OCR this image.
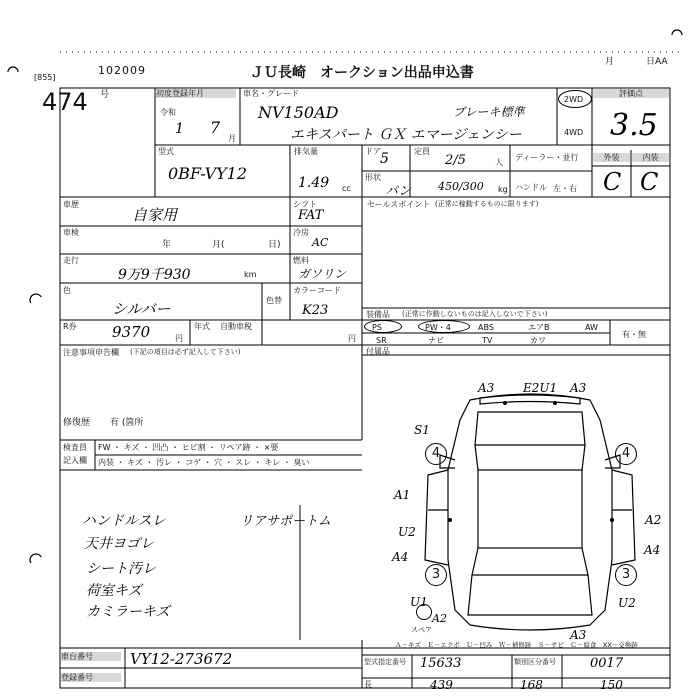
[855]
102009	ＪＵ長崎　オークション出品申込書
月	日AA
474 号	初度登録年月
令和
1 7
月
車名・グレード
NV150AD	ブレーキ標準
エキスパート ＧＸ エマージェンシー
2WD
4WD
評価点
3.5
型式
0BF-VY12
排気量
1.49 cc
ドア 5
形状
バン
定員
2/5	人
450/300 kg
ディーラー・並行
ハンドル 左・右
外装	内装
C C
車歴
自家用
シフト
FAT
車検
年	月(	日)
冷房
AC
走行
9万9千930	km
燃料
ガソリン
色
シルバー	色替
カラーコード
K23
R券 9370	円
年式 自動車税
円
セールスポイント (正常に稼動するものに限ります)
装備品 (正常に作動しないものは記入しないで下さい)
PS	PW・4	ABS	エアB	AW
SR	ナビ	TV	カワ
有・無
付属品
注意事項申告欄 (下記の項目は必ず記入して下さい)
修復歴 有 (箇所
検査員
記入欄
FW ・ キズ ・ 凹凸 ・ ヒビ割 ・ リペア跡 ・ ×要
内装 ・ キズ ・ 汚レ ・ コゲ ・ 穴 ・ スレ ・ キレ ・ 臭い
ハンドルスレ
天井ヨゴレ
シート汚レ
荷室キズ
カミラーキズ
リアサポートム
4	4
3	3
A3 E2U1 A3
S1
A1
U2
A4
A2
A4
U1
A2
スペア
U2
A3
Ａ－キズ　Ｅ－エクボ　Ｕ－凹み　Ｗ－補修跡　Ｓ－サビ　Ｃ－腐食　XX－交換跡
車台番号	VY12-273672
登録番号
型式指定番号 15633	類別区分番号	0017
長	439	168	150
